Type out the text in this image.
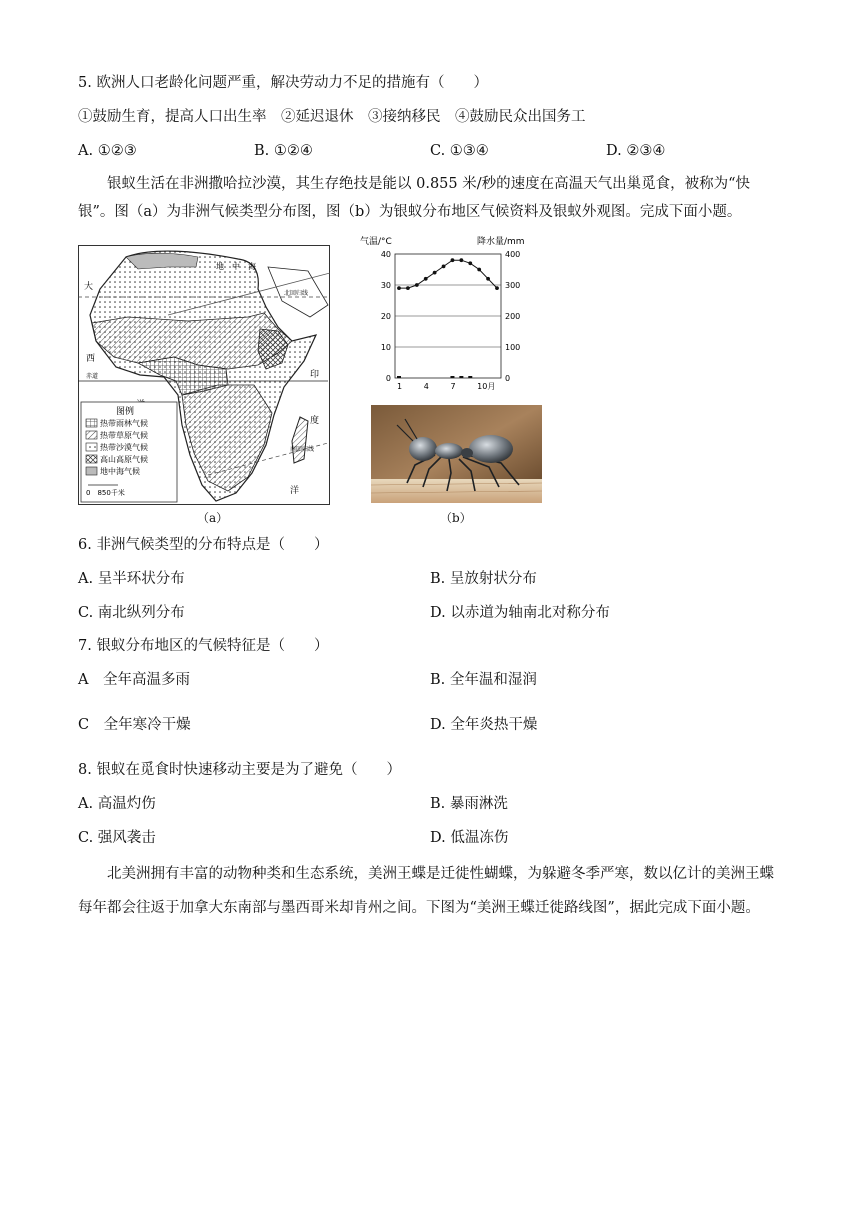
5. 欧洲人口老龄化问题严重，解决劳动力不足的措施有（　　）
①鼓励生育，提高人口出生率　②延迟退休　③接纳移民　④鼓励民众出国务工
A. ①②③	B. ①②④	C. ①③④	D. ②③④
银蚁生活在非洲撒哈拉沙漠，其生存绝技是能以 0.855 米/秒的速度在高温天气出巢觅食，被称为“快银”。图（a）为非洲气候类型分布图，图（b）为银蚁分布地区气候资料及银蚁外观图。完成下面小题。
大
西
地　中　海
北回归线
赤道	印
度
洋
南回归线
图例
热带雨林气候
热带草原气候
热带沙漠气候
高山高原气候
地中海气候
0　850千米
气温/°C	降水量/mm
40
30
20
10
0
400
300
200
100
0
1	4	7	10月
（a）	（b）
6. 非洲气候类型的分布特点是（　　）
A. 呈半环状分布	B. 呈放射状分布
C. 南北纵列分布	D. 以赤道为轴南北对称分布
7. 银蚁分布地区的气候特征是（　　）
A　全年高温多雨	B. 全年温和湿润
C　全年寒冷干燥	D. 全年炎热干燥
8. 银蚁在觅食时快速移动主要是为了避免（　　）
A. 高温灼伤	B. 暴雨淋洗
C. 强风袭击	D. 低温冻伤
北美洲拥有丰富的动物种类和生态系统，美洲王蝶是迁徙性蝴蝶，为躲避冬季严寒，数以亿计的美洲王蝶每年都会往返于加拿大东南部与墨西哥米却肯州之间。下图为“美洲王蝶迁徙路线图”，据此完成下面小题。
